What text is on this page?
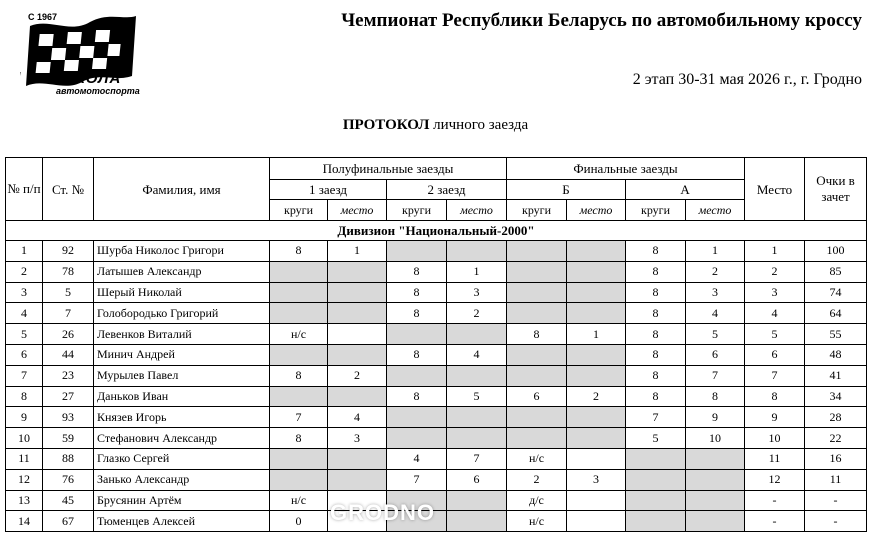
С 1967
ШКОЛА
автомотоспорта
Чемпионат Республики Беларусь по автомобильному кроссу
2 этап 30-31 мая 2026 г., г. Гродно
ПРОТОКОЛ личного заезда
№ п/п	Ст. №	Фамилия, имя	Полуфинальные заезды				Финальные заезды				Место	Очки в зачет
			1 заезд		2 заезд		Б		А			
			круги	место	круги	место	круги	место	круги	место		
Дивизион "Национальный-2000"												
1	92	Шурба Николос Григори	8	1					8	1	1	100
2	78	Латышев Александр			8	1			8	2	2	85
3	5	Шерый Николай			8	3			8	3	3	74
4	7	Голобородько Григорий			8	2			8	4	4	64
5	26	Левенков Виталий	н/с				8	1	8	5	5	55
6	44	Минич Андрей			8	4			8	6	6	48
7	23	Мурылев Павел	8	2					8	7	7	41
8	27	Даньков Иван			8	5	6	2	8	8	8	34
9	93	Князев Игорь	7	4					7	9	9	28
10	59	Стефанович Александр	8	3					5	10	10	22
11	88	Глазко Сергей			4	7	н/с				11	16
12	76	Занько Александр			7	6	2	3			12	11
13	45	Брусянин Артём	н/с				д/с				-	-
14	67	Тюменцев Алексей	0				н/с				-	-
GRODNO
